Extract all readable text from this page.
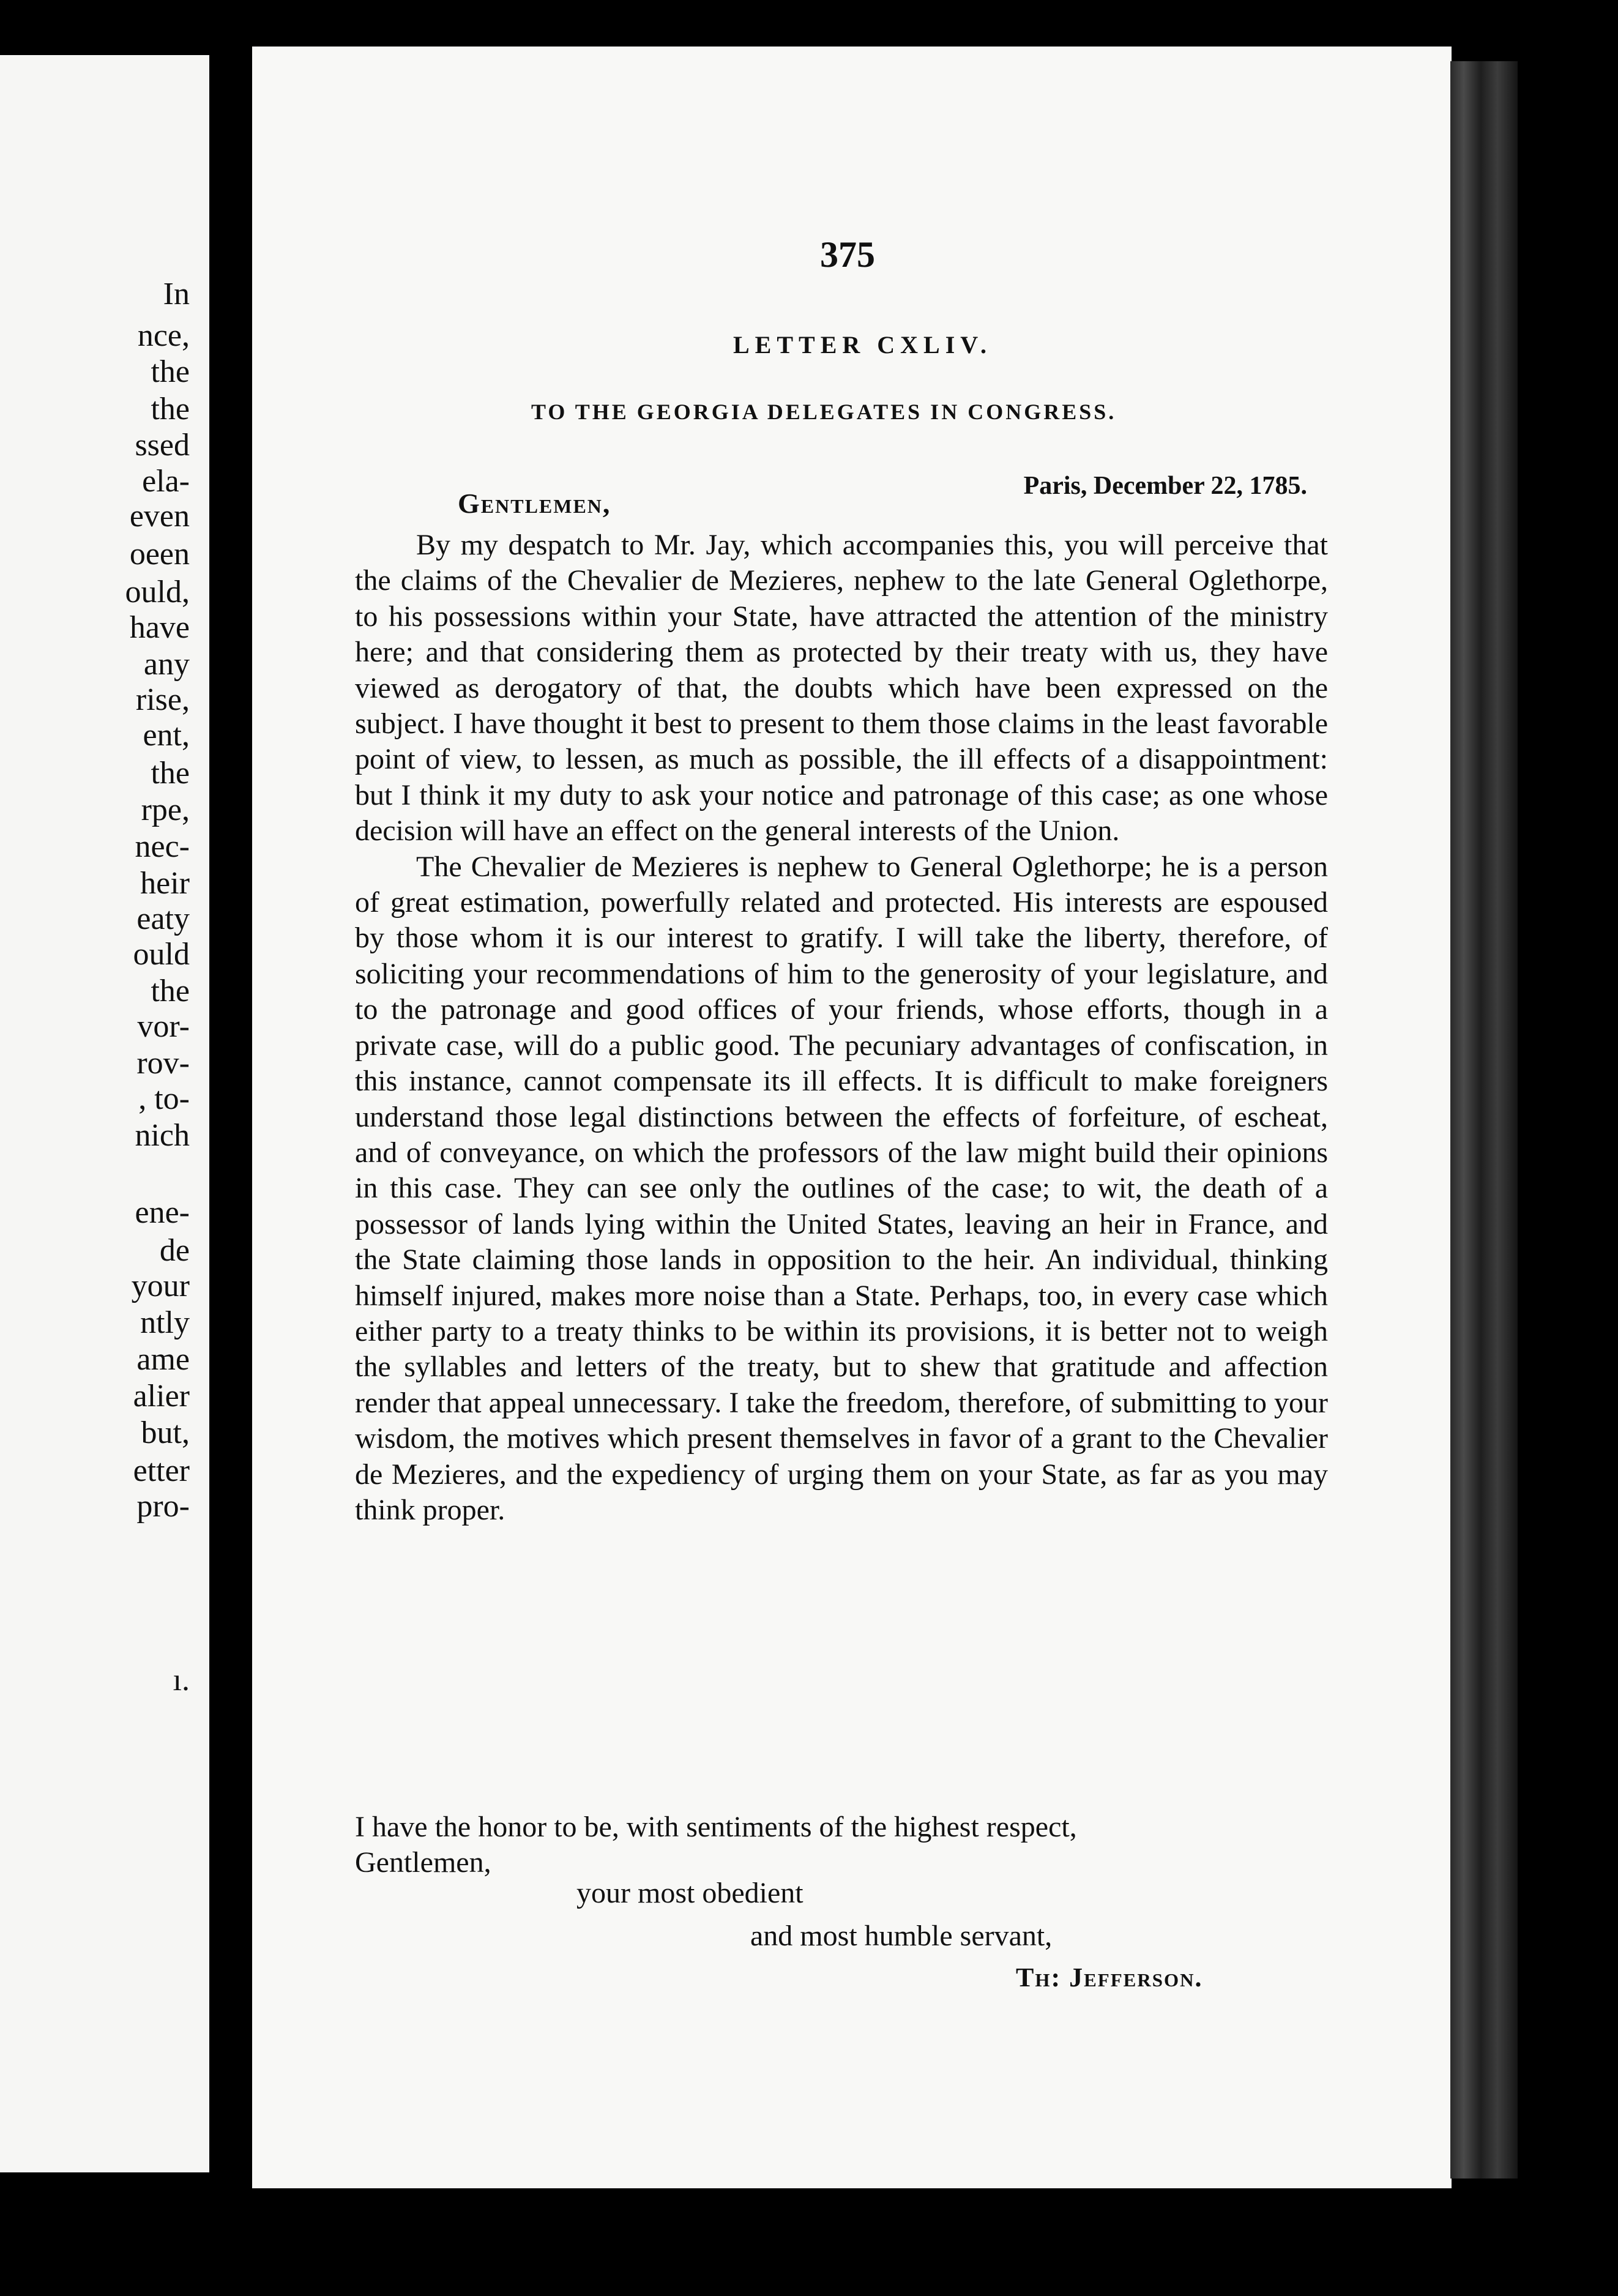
In
nce,
the
the
ssed
ela-
even
oeen
ould,
have
any
rise,
ent,
the
rpe,
nec-
heir
eaty
ould
the
vor-
rov-
, to-
nich
ene-
de
your
ntly
ame
alier
but,
etter
pro-
ı.
375
LETTER CXLIV.
TO THE GEORGIA DELEGATES IN CONGRESS.
Paris, December 22, 1785.
Gentlemen,

By my despatch to Mr. Jay, which accompanies this, you will perceive that the claims of the Chevalier de Mezieres, nephew to the late General Oglethorpe, to his possessions within your State, have attracted the attention of the ministry here; and that considering them as protected by their treaty with us, they have viewed as derogatory of that, the doubts which have been expressed on the subject. I have thought it best to present to them those claims in the least favorable point of view, to lessen, as much as possible, the ill effects of a disappointment: but I think it my duty to ask your notice and patronage of this case; as one whose decision will have an effect on the general interests of the Union.

The Chevalier de Mezieres is nephew to General Oglethorpe; he is a person of great estimation, powerfully related and protected. His interests are espoused by those whom it is our interest to gratify. I will take the liberty, therefore, of soliciting your recommendations of him to the generosity of your legislature, and to the patronage and good offices of your friends, whose efforts, though in a private case, will do a public good. The pecuniary advantages of confiscation, in this instance, cannot compensate its ill effects. It is difficult to make foreigners understand those legal distinctions between the effects of forfeiture, of escheat, and of conveyance, on which the professors of the law might build their opinions in this case. They can see only the outlines of the case; to wit, the death of a possessor of lands lying within the United States, leaving an heir in France, and the State claiming those lands in opposition to the heir. An individual, thinking himself injured, makes more noise than a State. Perhaps, too, in every case which either party to a treaty thinks to be within its provisions, it is better not to weigh the syllables and letters of the treaty, but to shew that gratitude and affection render that appeal unnecessary. I take the freedom, therefore, of submitting to your wisdom, the motives which present themselves in favor of a grant to the Chevalier de Mezieres, and the expediency of urging them on your State, as far as you may think proper.

I have the honor to be, with sentiments of the highest respect,
Gentlemen,
your most obedient
and most humble servant,
Th: Jefferson.
